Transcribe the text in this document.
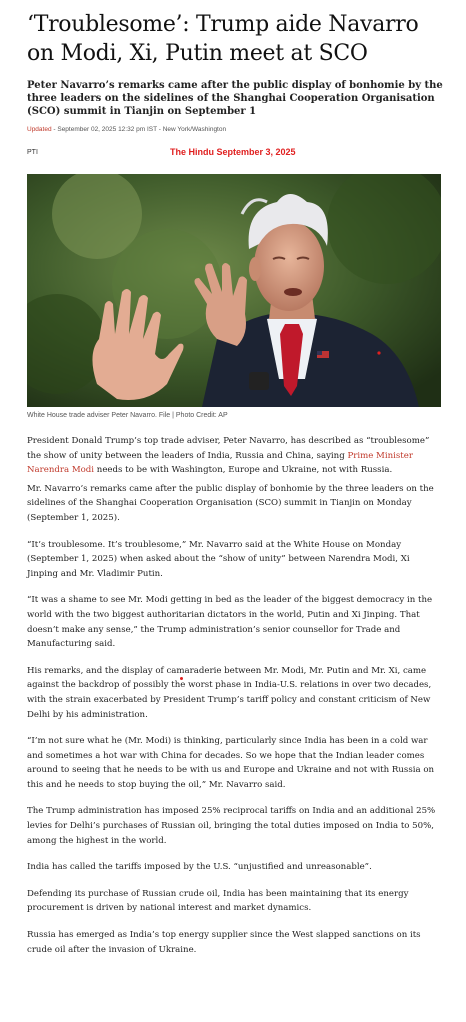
‘Troublesome’: Trump aide Navarro on Modi, Xi, Putin meet at SCO

Peter Navarro’s remarks came after the public display of bonhomie by the three leaders on the sidelines of the Shanghai Cooperation Organisation (SCO) summit in Tianjin on September 1

Updated - September 02, 2025 12:32 pm IST - New York/Washington
PTI	The Hindu September 3, 2025
White House trade adviser Peter Navarro. File | Photo Credit: AP

President Donald Trump’s top trade adviser, Peter Navarro, has described as “troublesome” the show of unity between the leaders of India, Russia and China, saying Prime Minister Narendra Modi needs to be with Washington, Europe and Ukraine, not with Russia.

Mr. Navarro’s remarks came after the public display of bonhomie by the three leaders on the sidelines of the Shanghai Cooperation Organisation (SCO) summit in Tianjin on Monday (September 1, 2025).

“It’s troublesome. It’s troublesome,” Mr. Navarro said at the White House on Monday (September 1, 2025) when asked about the “show of unity” between Narendra Modi, Xi Jinping and Mr. Vladimir Putin.

“It was a shame to see Mr. Modi getting in bed as the leader of the biggest democracy in the world with the two biggest authoritarian dictators in the world, Putin and Xi Jinping. That doesn’t make any sense,” the Trump administration’s senior counsellor for Trade and Manufacturing said.

His remarks, and the display of camaraderie between Mr. Modi, Mr. Putin and Mr. Xi, came against the backdrop of possibly the worst phase in India-U.S. relations in over two decades, with the strain exacerbated by President Trump’s tariff policy and constant criticism of New Delhi by his administration.

“I’m not sure what he (Mr. Modi) is thinking, particularly since India has been in a cold war and sometimes a hot war with China for decades. So we hope that the Indian leader comes around to seeing that he needs to be with us and Europe and Ukraine and not with Russia on this and he needs to stop buying the oil,” Mr. Navarro said.

The Trump administration has imposed 25% reciprocal tariffs on India and an additional 25% levies for Delhi’s purchases of Russian oil, bringing the total duties imposed on India to 50%, among the highest in the world.

India has called the tariffs imposed by the U.S. “unjustified and unreasonable”.

Defending its purchase of Russian crude oil, India has been maintaining that its energy procurement is driven by national interest and market dynamics.

Russia has emerged as India’s top energy supplier since the West slapped sanctions on its crude oil after the invasion of Ukraine.
